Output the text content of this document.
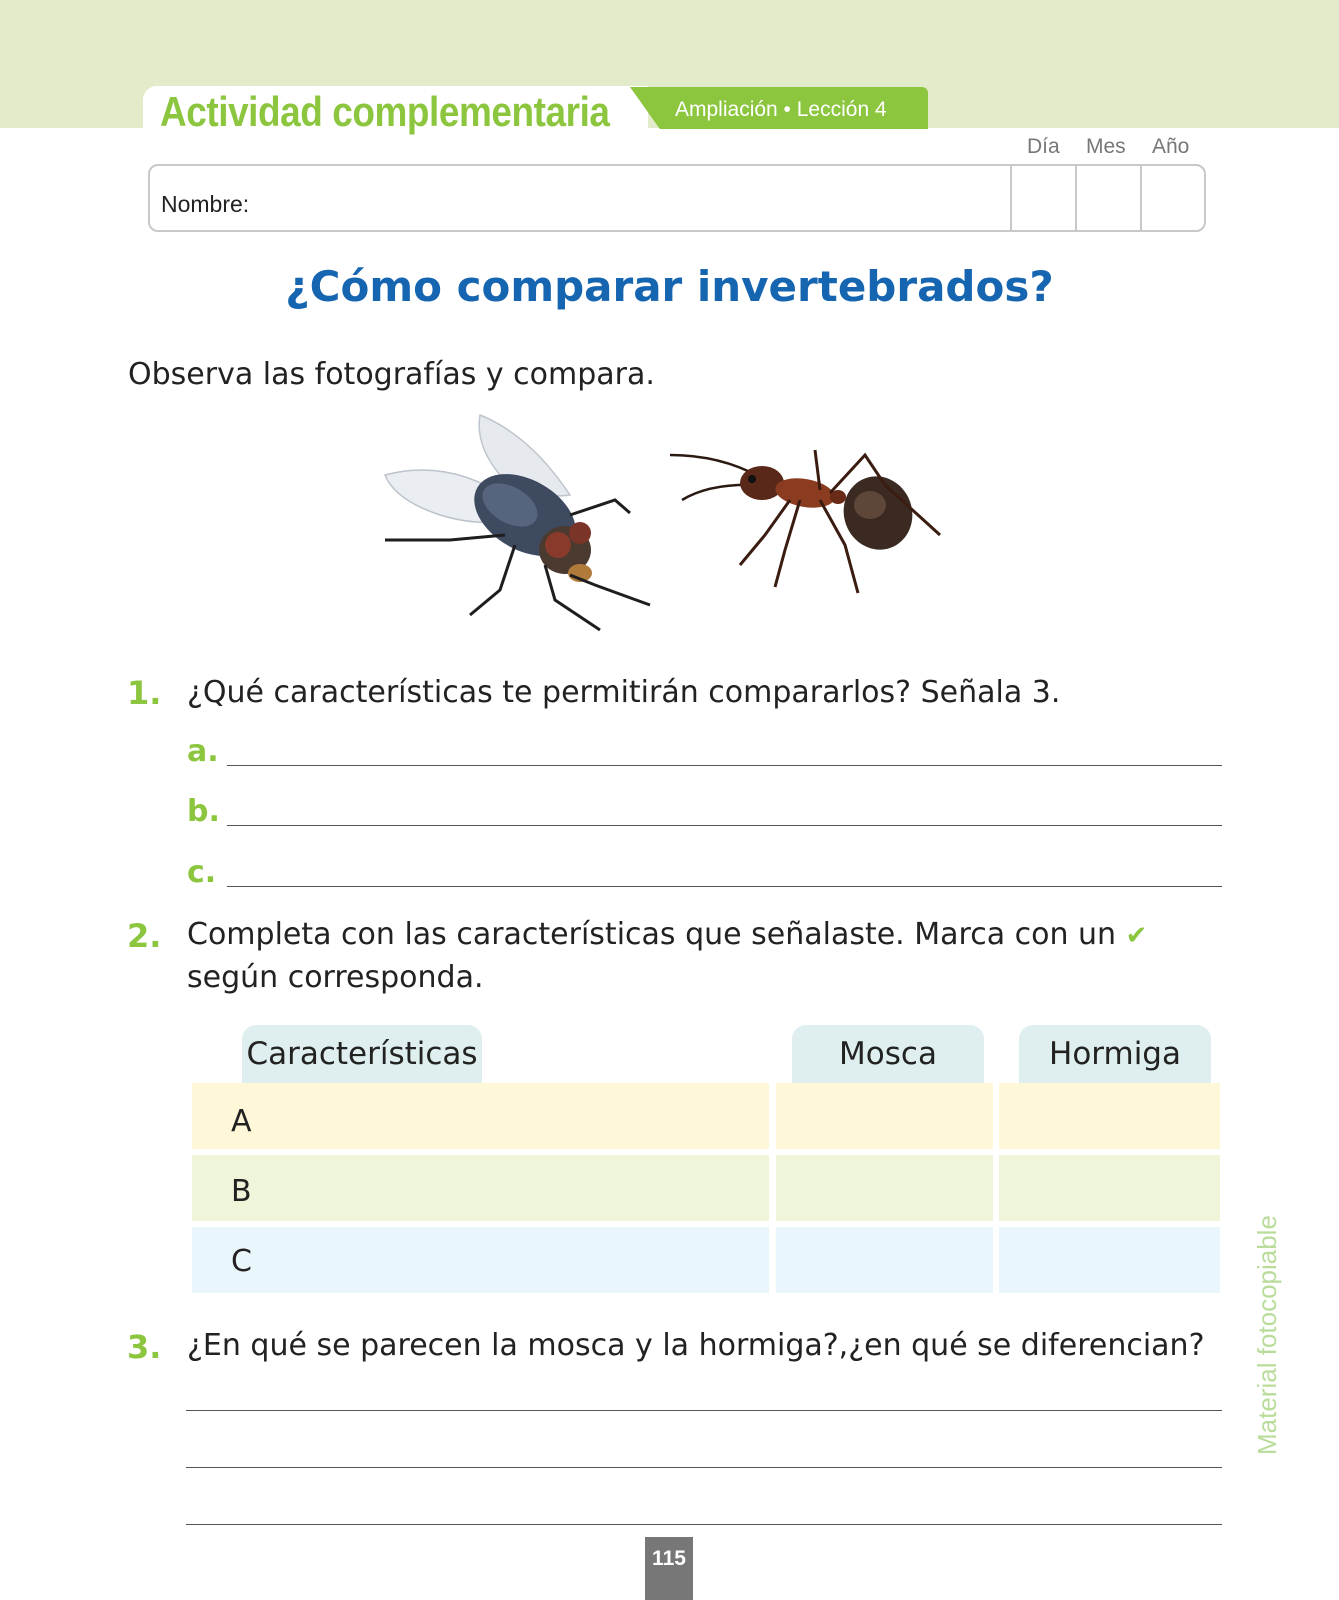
Actividad complementaria	Ampliación • Lección 4
Día Mes Año
Nombre:
¿Cómo comparar invertebrados?
Observa las fotografías y compara.
1. ¿Qué características te permitirán compararlos? Señala 3.
a.
b.
c.
2. Completa con las características que señalaste. Marca con un ✔
según corresponda.
Características	Mosca	Hormiga
A
B
C
3. ¿En qué se parecen la mosca y la hormiga?,¿en qué se diferencian? Material fotocopiable
115
